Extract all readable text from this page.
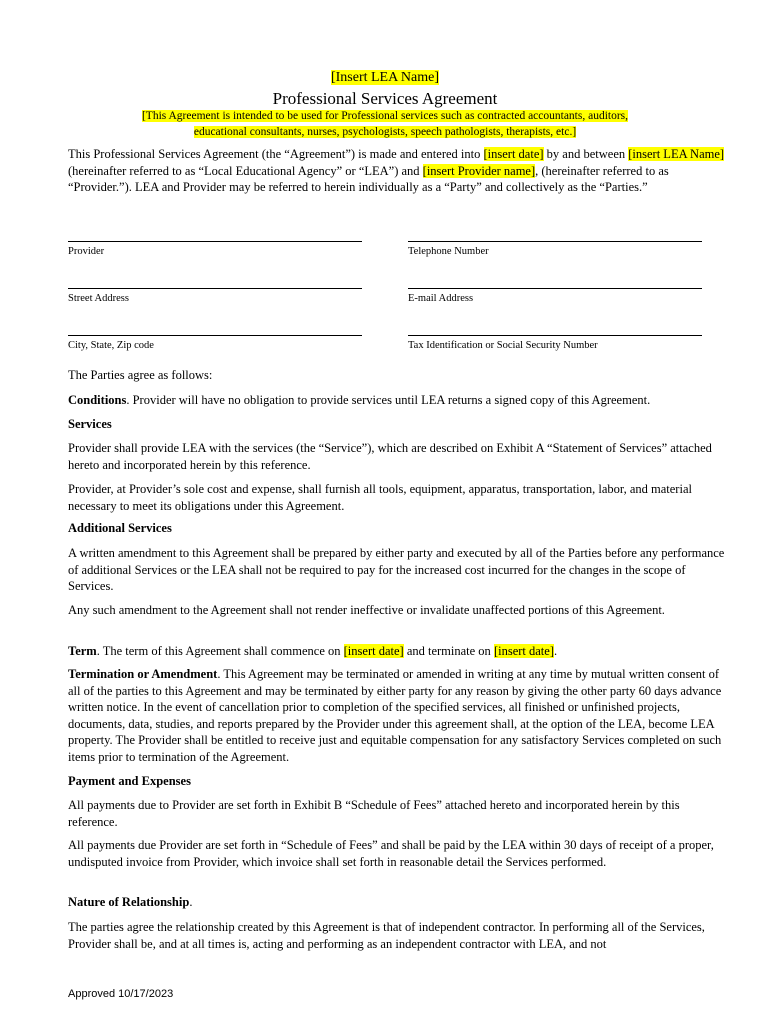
[Insert LEA Name]
Professional Services Agreement
[This Agreement is intended to be used for Professional services such as contracted accountants, auditors,
educational consultants, nurses, psychologists, speech pathologists, therapists, etc.]
This Professional Services Agreement (the “Agreement”) is made and entered into [insert date] by and between [insert LEA Name] (hereinafter referred to as “Local Educational Agency” or “LEA”) and [insert Provider name], (hereinafter referred to as “Provider.”). LEA and Provider may be referred to herein individually as a “Party” and collectively as the “Parties.”
Provider	Telephone Number
Street Address	E-mail Address
City, State, Zip code	Tax Identification or Social Security Number
The Parties agree as follows:
Conditions. Provider will have no obligation to provide services until LEA returns a signed copy of this Agreement.
Services
Provider shall provide LEA with the services (the “Service”), which are described on Exhibit A “Statement of Services” attached hereto and incorporated herein by this reference.
Provider, at Provider’s sole cost and expense, shall furnish all tools, equipment, apparatus, transportation, labor, and material necessary to meet its obligations under this Agreement.
Additional Services
A written amendment to this Agreement shall be prepared by either party and executed by all of the Parties before any performance of additional Services or the LEA shall not be required to pay for the increased cost incurred for the changes in the scope of Services.
Any such amendment to the Agreement shall not render ineffective or invalidate unaffected portions of this Agreement.
Term. The term of this Agreement shall commence on [insert date] and terminate on [insert date].
Termination or Amendment. This Agreement may be terminated or amended in writing at any time by mutual written consent of all of the parties to this Agreement and may be terminated by either party for any reason by giving the other party 60 days advance written notice. In the event of cancellation prior to completion of the specified services, all finished or unfinished projects, documents, data, studies, and reports prepared by the Provider under this agreement shall, at the option of the LEA, become LEA property. The Provider shall be entitled to receive just and equitable compensation for any satisfactory Services completed on such items prior to termination of the Agreement.
Payment and Expenses
All payments due to Provider are set forth in Exhibit B “Schedule of Fees” attached hereto and incorporated herein by this reference.
All payments due Provider are set forth in “Schedule of Fees” and shall be paid by the LEA within 30 days of receipt of a proper, undisputed invoice from Provider, which invoice shall set forth in reasonable detail the Services performed.
Nature of Relationship.
The parties agree the relationship created by this Agreement is that of independent contractor. In performing all of the Services, Provider shall be, and at all times is, acting and performing as an independent contractor with LEA, and not
Approved 10/17/2023
